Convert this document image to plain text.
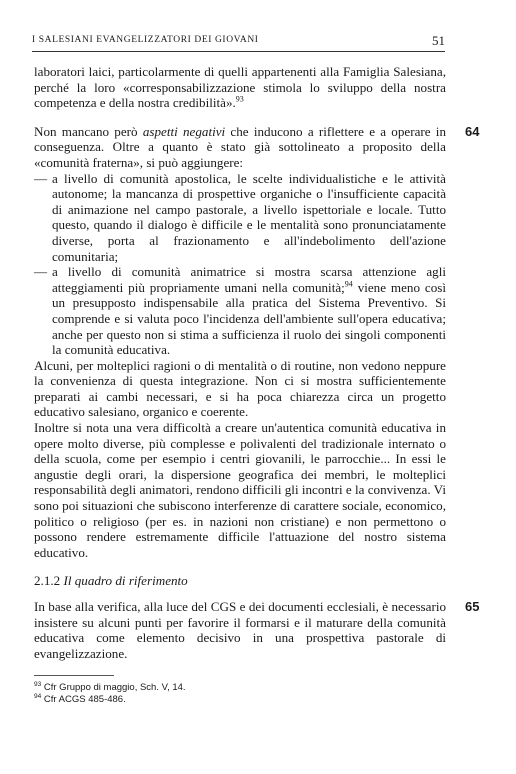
I SALESIANI EVANGELIZZATORI DEI GIOVANI	51

laboratori laici, particolarmente di quelli appartenenti alla Famiglia Salesiana, perché la loro «corresponsabilizzazione stimola lo sviluppo della nostra competenza e della nostra credibilità».$^{93}$

64
Non mancano però aspetti negativi che inducono a riflettere e a operare in conseguenza. Oltre a quanto è stato già sottolineato a proposito della «comunità fraterna», si può aggiungere:

— a livello di comunità apostolica, le scelte individualistiche e le attività autonome; la mancanza di prospettive organiche o l'insufficiente capacità di animazione nel campo pastorale, a livello ispettoriale e locale. Tutto questo, quando il dialogo è difficile e le mentalità sono pronunciatamente diverse, porta al frazionamento e all'indebolimento dell'azione comunitaria;
— a livello di comunità animatrice si mostra scarsa attenzione agli atteggiamenti più propriamente umani nella comunità;$^{94}$ viene meno così un presupposto indispensabile alla pratica del Sistema Preventivo. Si comprende e si valuta poco l'incidenza dell'ambiente sull'opera educativa; anche per questo non si stima a sufficienza il ruolo dei singoli componenti la comunità educativa.

Alcuni, per molteplici ragioni o di mentalità o di routine, non vedono neppure la convenienza di questa integrazione. Non ci si mostra sufficientemente preparati ai cambi necessari, e si ha poca chiarezza circa un progetto educativo salesiano, organico e coerente.

Inoltre si nota una vera difficoltà a creare un'autentica comunità educativa in opere molto diverse, più complesse e polivalenti del tradizionale internato o della scuola, come per esempio i centri giovanili, le parrocchie... In essi le angustie degli orari, la dispersione geografica dei membri, le molteplici responsabilità degli animatori, rendono difficili gli incontri e la convivenza. Vi sono poi situazioni che subiscono interferenze di carattere sociale, economico, politico o religioso (per es. in nazioni non cristiane) e non permettono o possono rendere estremamente difficile l'attuazione del nostro sistema educativo.

2.1.2 Il quadro di riferimento

65
In base alla verifica, alla luce del CGS e dei documenti ecclesiali, è necessario insistere su alcuni punti per favorire il formarsi e il maturare della comunità educativa come elemento decisivo in una prospettiva pastorale di evangelizzazione.

$^{93}$ Cfr Gruppo di maggio, Sch. V, 14.

$^{94}$ Cfr ACGS 485-486.
